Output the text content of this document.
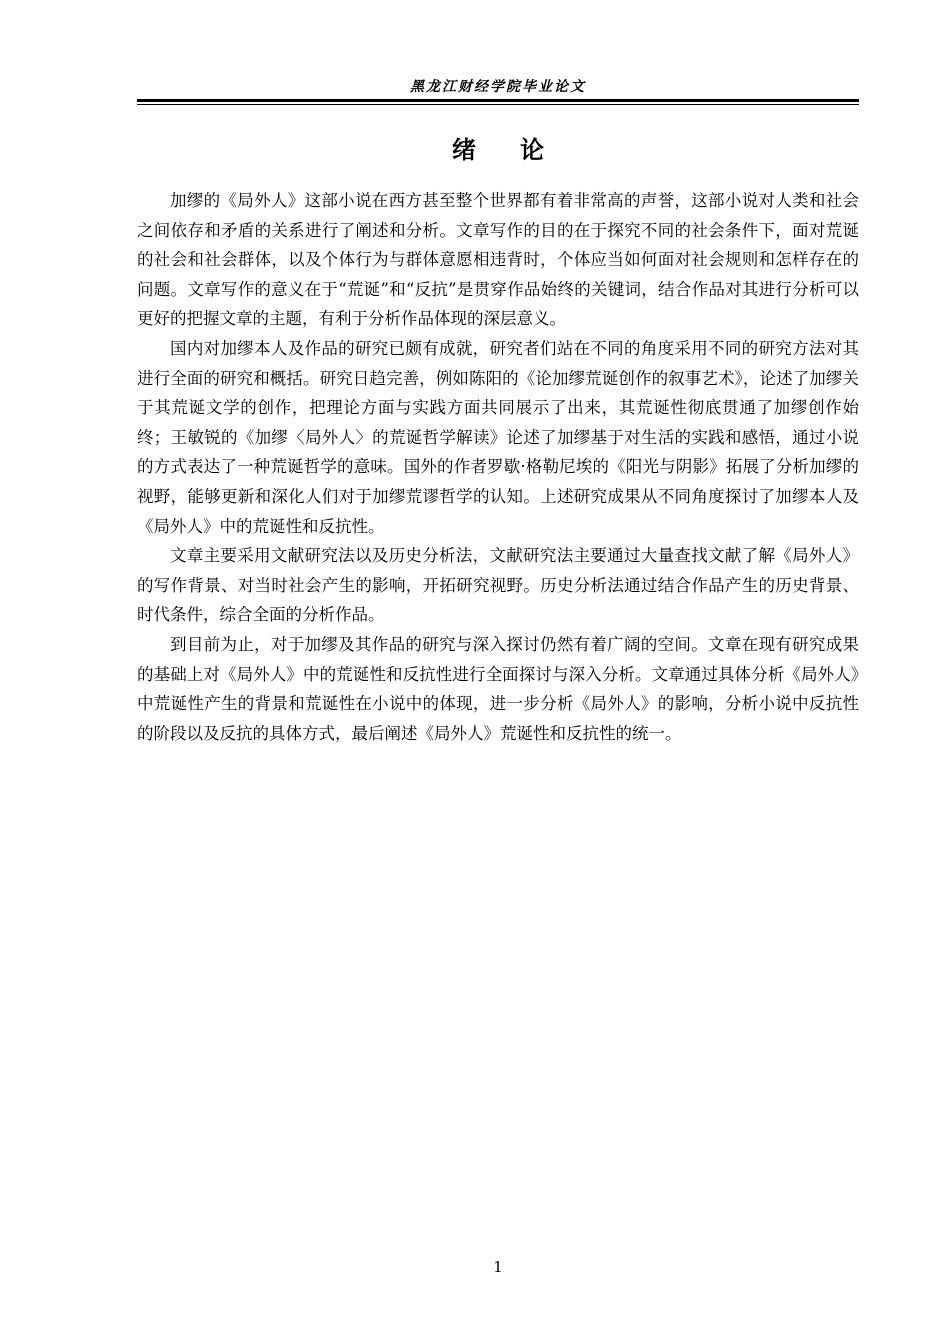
黑龙江财经学院毕业论文
绪论

加缪的《局外人》这部小说在西方甚至整个世界都有着非常高的声誉，这部小说对人类和社会之间依存和矛盾的关系进行了阐述和分析。文章写作的目的在于探究不同的社会条件下，面对荒诞的社会和社会群体，以及个体行为与群体意愿相违背时，个体应当如何面对社会规则和怎样存在的问题。文章写作的意义在于“荒诞”和“反抗”是贯穿作品始终的关键词，结合作品对其进行分析可以更好的把握文章的主题，有利于分析作品体现的深层意义。

国内对加缪本人及作品的研究已颇有成就，研究者们站在不同的角度采用不同的研究方法对其进行全面的研究和概括。研究日趋完善，例如陈阳的《论加缪荒诞创作的叙事艺术》，论述了加缪关于其荒诞文学的创作，把理论方面与实践方面共同展示了出来，其荒诞性彻底贯通了加缪创作始终；王敏锐的《加缪〈局外人〉的荒诞哲学解读》论述了加缪基于对生活的实践和感悟，通过小说的方式表达了一种荒诞哲学的意味。国外的作者罗歇·格勒尼埃的《阳光与阴影》拓展了分析加缪的视野，能够更新和深化人们对于加缪荒谬哲学的认知。上述研究成果从不同角度探讨了加缪本人及《局外人》中的荒诞性和反抗性。

文章主要采用文献研究法以及历史分析法，文献研究法主要通过大量查找文献了解《局外人》的写作背景、对当时社会产生的影响，开拓研究视野。历史分析法通过结合作品产生的历史背景、时代条件，综合全面的分析作品。

到目前为止，对于加缪及其作品的研究与深入探讨仍然有着广阔的空间。文章在现有研究成果的基础上对《局外人》中的荒诞性和反抗性进行全面探讨与深入分析。文章通过具体分析《局外人》中荒诞性产生的背景和荒诞性在小说中的体现，进一步分析《局外人》的影响，分析小说中反抗性的阶段以及反抗的具体方式，最后阐述《局外人》荒诞性和反抗性的统一。

1
